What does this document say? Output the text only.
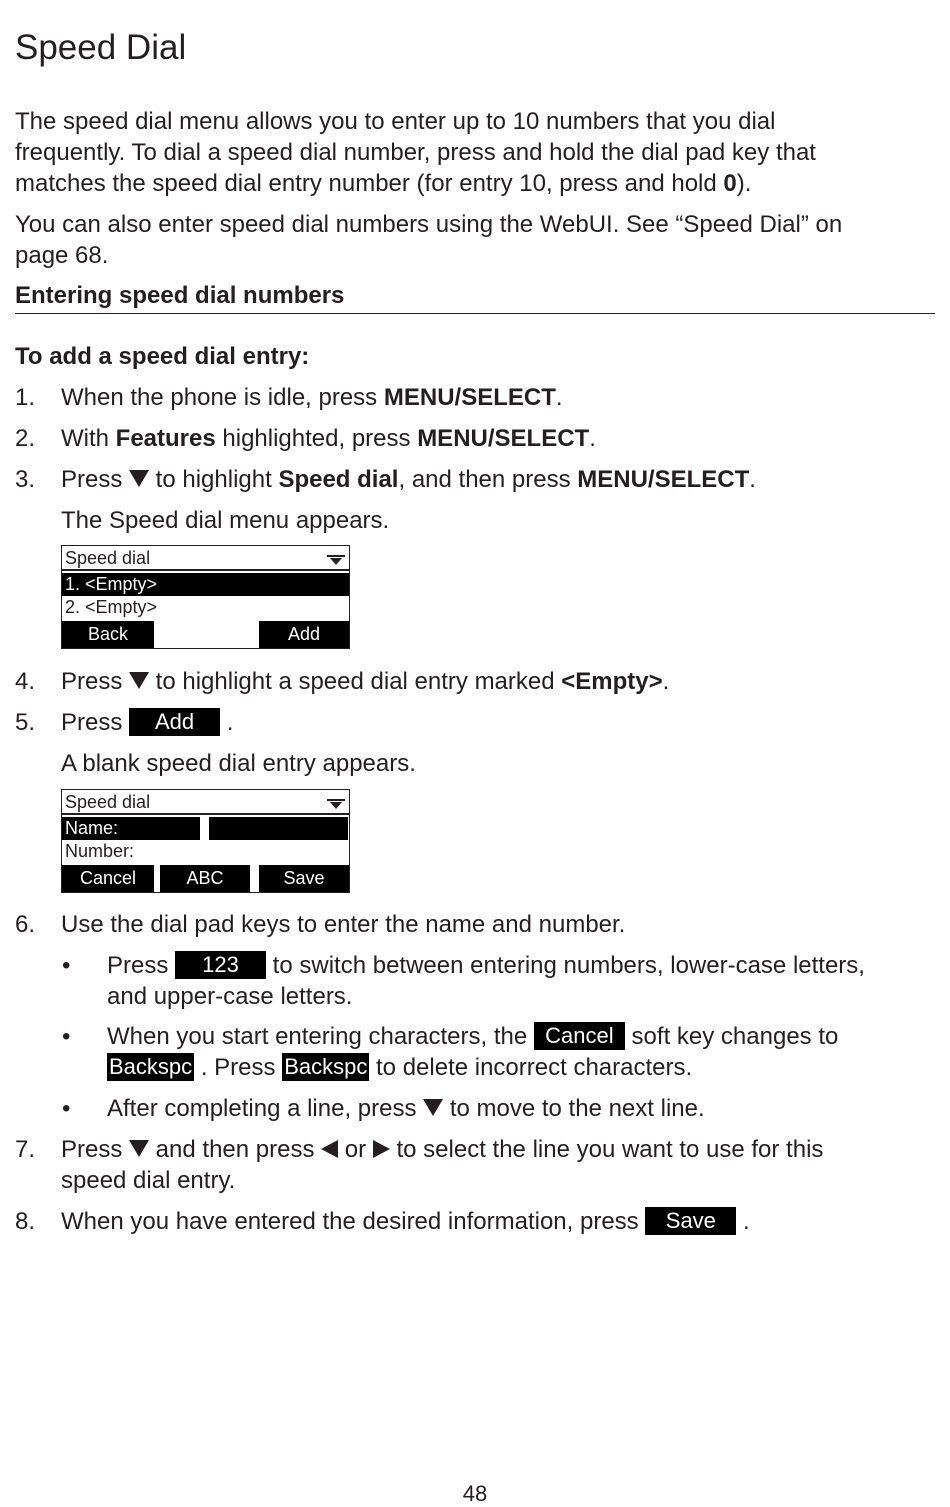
Speed Dial

The speed dial menu allows you to enter up to 10 numbers that you dial
frequently. To dial a speed dial number, press and hold the dial pad key that
matches the speed dial entry number (for entry 10, press and hold 0).

You can also enter speed dial numbers using the WebUI. See “Speed Dial” on
page 68.

Entering speed dial numbers
To add a speed dial entry:
1. When the phone is idle, press MENU/SELECT.
2. With Features highlighted, press MENU/SELECT.
3. Press  to highlight Speed dial, and then press MENU/SELECT.
The Speed dial menu appears.
Speed dial
1. <Empty>
2. <Empty>
Back	Add
4. Press  to highlight a speed dial entry marked <Empty>.
5. Press Add .
A blank speed dial entry appears.
Speed dial
Name:
Number:
Cancel	ABC	Save
6. Use the dial pad keys to enter the name and number.
• Press 123 to switch between entering numbers, lower-case letters,
and upper-case letters.
• When you start entering characters, the Cancel soft key changes to
Backspc . Press Backspc to delete incorrect characters.
• After completing a line, press  to move to the next line.
7. Press  and then press  or  to select the line you want to use for this
speed dial entry.
8. When you have entered the desired information, press Save .
48
